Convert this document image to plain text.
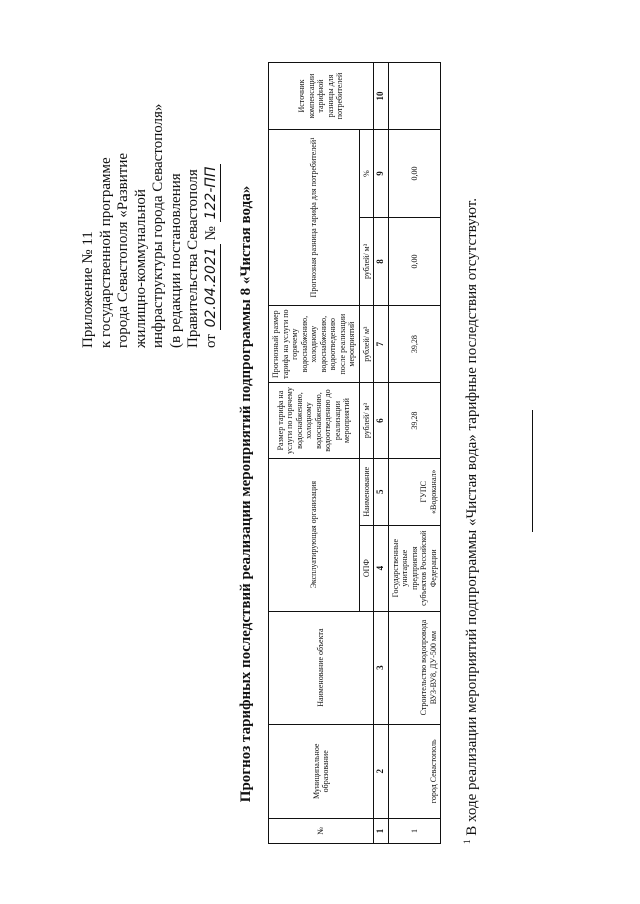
Приложение № 11 к государственной программе города Севастополя «Развитие жилищно-коммунальной инфраструктуры города Севастополя» (в редакции постановления Правительства Севастополя от 02.04.2021 № 122-ПП Прогноз тарифных последствий реализации мероприятий подпрограммы 8 «Чистая вода»
№	Муниципальное образование	Наименование объекта	Эксплуатирующая организация		Размер тарифа на услуги по горячему водоснабжению, холодному водоснабжению, водоотведению до реализации мероприятий	Прогнозный размер тарифа на услуги по горячему водоснабжению, холодному водоснабжению, водоотведению после реализации мероприятий	Прогнозная разница тарифа для потребителей¹		Источник компенсации тарифной разницы для потребителей
			ОПФ	Наименование	рублей/ м³	рублей/ м³	рублей/ м³	%	
1	2	3	4	5	6	7	8	9	10
1	город Севастополь	Строительство водопровода ВУЗ-ВУ8, ДУ-500 мм	Государственные унитарные предприятия субъектов Российской Федерации	ГУПС «Водоканал»	39,28	39,28	0,00	0,00	
$^1$ В ходе реализации мероприятий подпрограммы «Чистая вода» тарифные последствия отсутствуют.
